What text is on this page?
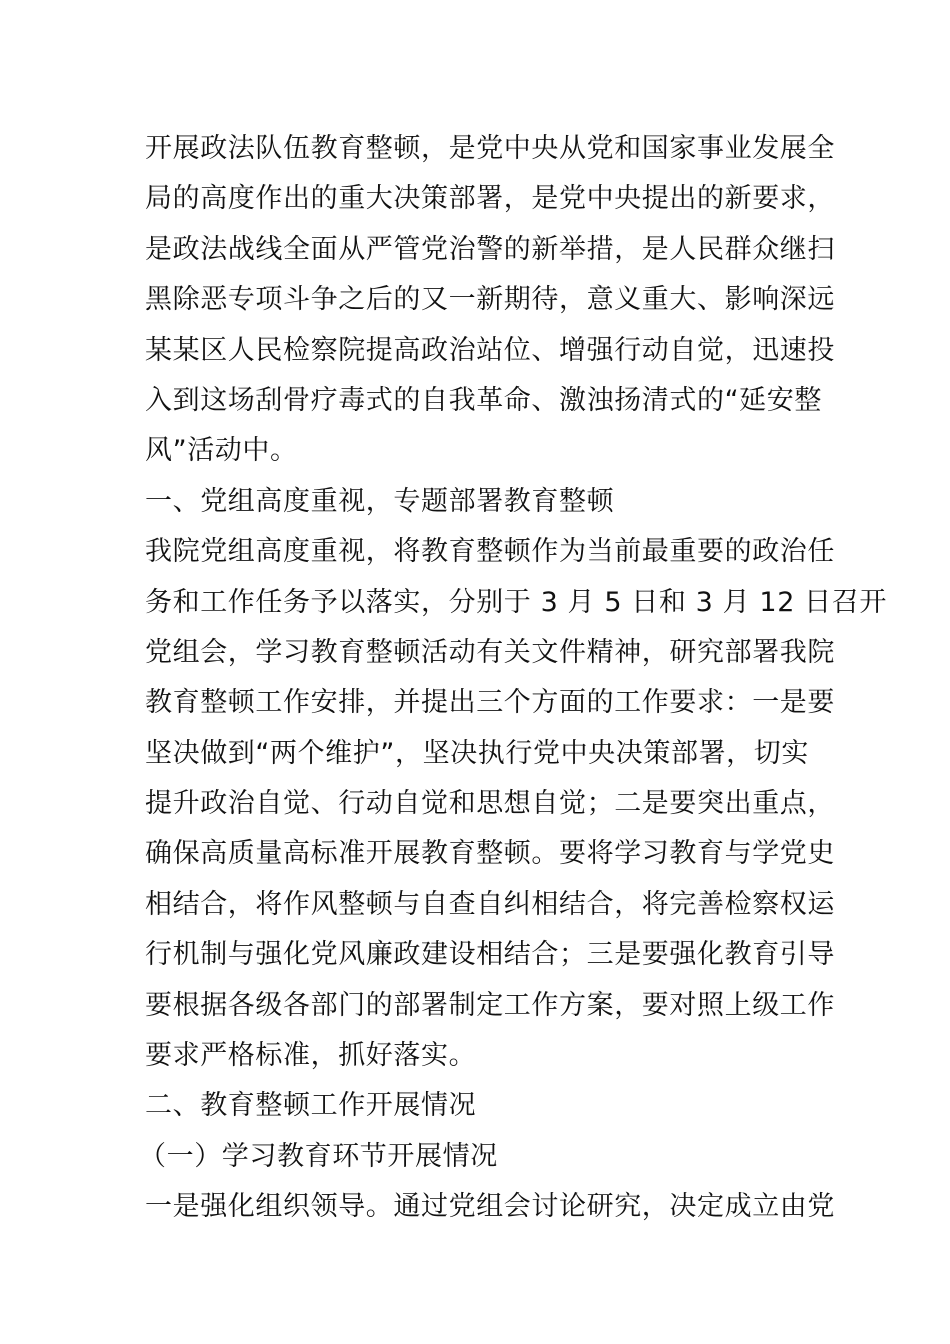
开展政法队伍教育整顿，是党中央从党和国家事业发展全
局的高度作出的重大决策部署，是党中央提出的新要求，
是政法战线全面从严管党治警的新举措，是人民群众继扫
黑除恶专项斗争之后的又一新期待，意义重大、影响深远
某某区人民检察院提高政治站位、增强行动自觉，迅速投
入到这场刮骨疗毒式的自我革命、激浊扬清式的“延安整
风”活动中。
一、党组高度重视，专题部署教育整顿
我院党组高度重视，将教育整顿作为当前最重要的政治任
务和工作任务予以落实，分别于 3 月 5 日和 3 月 12 日召开
党组会，学习教育整顿活动有关文件精神，研究部署我院
教育整顿工作安排，并提出三个方面的工作要求：一是要
坚决做到“两个维护”，坚决执行党中央决策部署，切实
提升政治自觉、行动自觉和思想自觉；二是要突出重点，
确保高质量高标准开展教育整顿。要将学习教育与学党史
相结合，将作风整顿与自查自纠相结合，将完善检察权运
行机制与强化党风廉政建设相结合；三是要强化教育引导
要根据各级各部门的部署制定工作方案，要对照上级工作
要求严格标准，抓好落实。
二、教育整顿工作开展情况
（一）学习教育环节开展情况
一是强化组织领导。通过党组会讨论研究，决定成立由党
